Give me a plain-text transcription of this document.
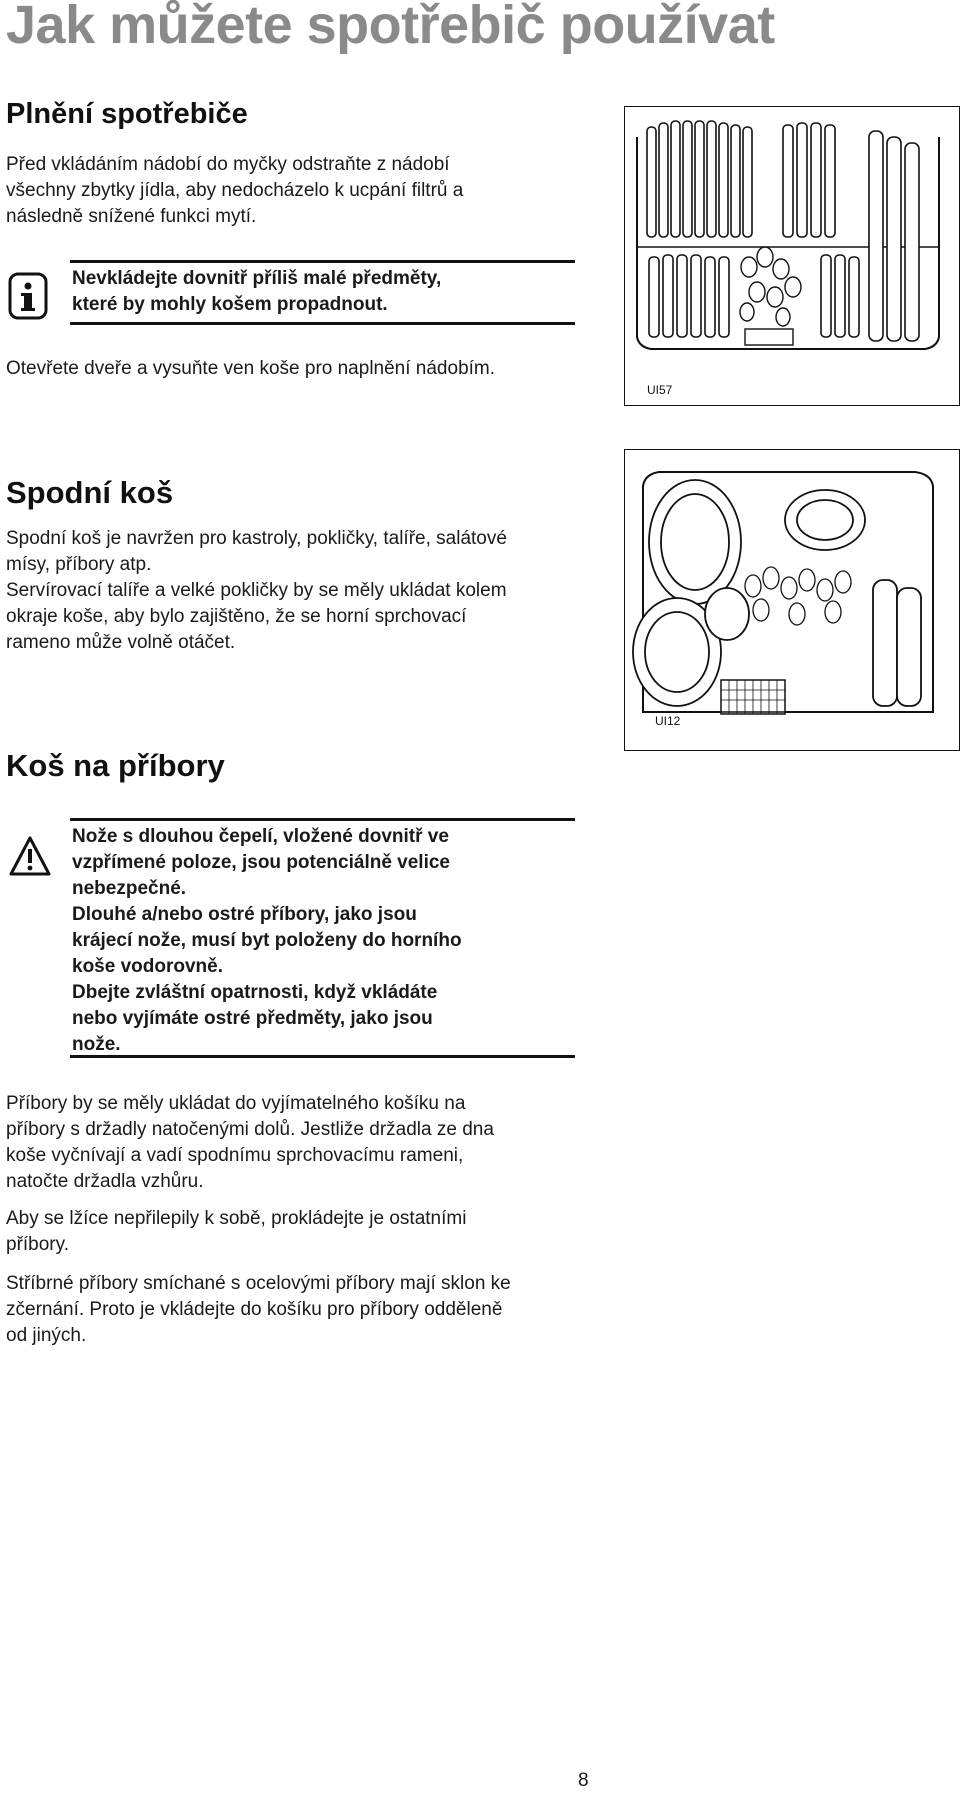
Jak můžete spotřebič používat
Plnění spotřebiče

Před vkládáním nádobí do myčky odstraňte z nádobí
všechny zbytky jídla, aby nedocházelo k ucpání filtrů a
následně snížené funkci mytí.

Nevkládejte dovnitř příliš malé předměty,
které by mohly košem propadnout.

Otevřete dveře a vysuňte ven koše pro naplnění nádobím.

UI57
Spodní koš

Spodní koš je navržen pro kastroly, pokličky, talíře, salátové
mísy, příbory atp.
Servírovací talíře a velké pokličky by se měly ukládat kolem
okraje koše, aby bylo zajištěno, že se horní sprchovací
rameno může volně otáčet.

UI12
Koš na příbory

Nože s dlouhou čepelí, vložené dovnitř ve
vzpřímené poloze, jsou potenciálně velice
nebezpečné.
Dlouhé a/nebo ostré příbory, jako jsou
krájecí nože, musí byt položeny do horního
koše vodorovně.
Dbejte zvláštní opatrnosti, když vkládáte
nebo vyjímáte ostré předměty, jako jsou
nože.

Příbory by se měly ukládat do vyjímatelného košíku na
příbory s držadly natočenými dolů. Jestliže držadla ze dna
koše vyčnívají a vadí spodnímu sprchovacímu rameni,
natočte držadla vzhůru.

Aby se lžíce nepřilepily k sobě, prokládejte je ostatními
příbory.

Stříbrné příbory smíchané s ocelovými příbory mají sklon ke
zčernání. Proto je vkládejte do košíku pro příbory odděleně
od jiných.

8
